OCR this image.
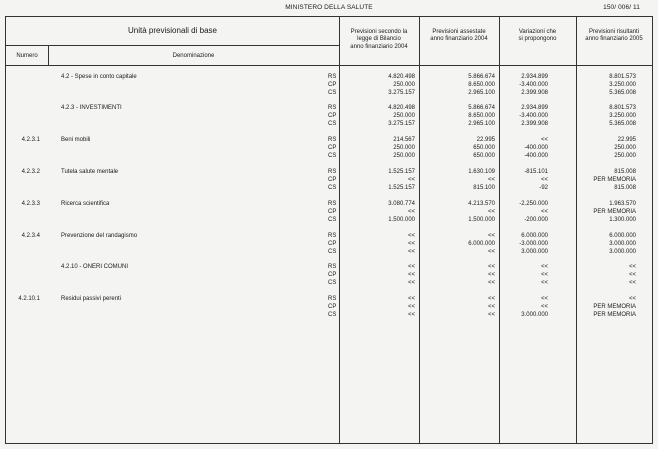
MINISTERO DELLA SALUTE	150/ 006/ 11
Unità previsionali di base
Numero	Denominazione
Previsioni secondo la
legge di Bilancio
anno finanziario 2004
Previsioni assestate
anno finanziario 2004
Variazioni che
si propongono
Previsioni risultanti
anno finanziario 2005
4.2 - Spese in conto capitale	RS	4.820.498	5.866.674	2.934.899	8.801.573
CP	250.000	8.650.000	-3.400.000	3.250.000
CS	3.275.157	2.965.100	2.399.908	5.365.008
4.2.3 - INVESTIMENTI	RS	4.820.498	5.866.674	2.934.899	8.801.573
CP	250.000	8.650.000	-3.400.000	3.250.000
CS	3.275.157	2.965.100	2.399.908	5.365.008
4.2.3.1	Beni mobili	RS	214.567	22.995	<<	22.995
CP	250.000	650.000	-400.000	250.000
CS	250.000	650.000	-400.000	250.000
4.2.3.2	Tutela salute mentale	RS	1.525.157	1.630.109	-815.101	815.008
CP	<<	<<	<<	PER MEMORIA
CS	1.525.157	815.100	-92	815.008
4.2.3.3	Ricerca scientifica	RS	3.080.774	4.213.570	-2.250.000	1.963.570
CP	<<	<<	<<	PER MEMORIA
CS	1.500.000	1.500.000	-200.000	1.300.000
4.2.3.4	Prevenzione del randagismo	RS	<<	<<	6.000.000	6.000.000
CP	<<	6.000.000	-3.000.000	3.000.000
CS	<<	<<	3.000.000	3.000.000
4.2.10 - ONERI COMUNI	RS	<<	<<	<<	<<
CP	<<	<<	<<	<<
CS	<<	<<	<<	<<
4.2.10.1	Residui passivi perenti	RS	<<	<<	<<	<<
CP	<<	<<	<<	PER MEMORIA
CS	<<	<<	3.000.000	PER MEMORIA
